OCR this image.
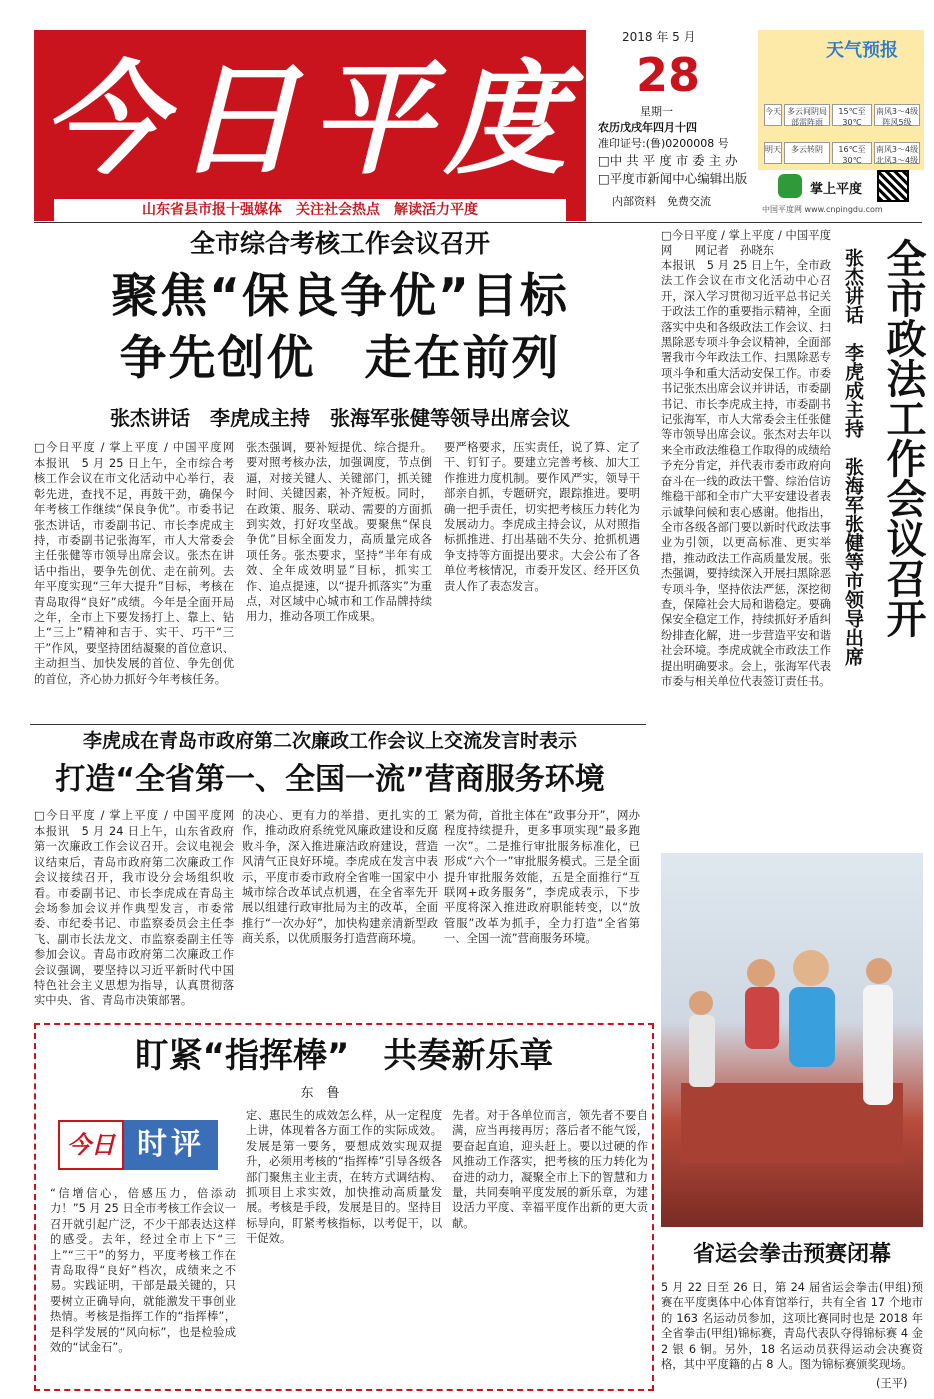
今日平度
山东省县市报十强媒体　关注社会热点　解读活力平度
2018 年 5 月
28
星期一
农历戊戌年四月十四
准印证号:(鲁)0200008 号
□中 共 平 度 市 委 主 办
□平度市新闻中心编辑出版
内部资料　免费交流
天气预报
今天 多云间阴局部雷阵雨
15℃至 30℃
南风3～4级阵风5级
明天	多云转阴	16℃至 30℃
南风3～4级 北风3～4级
掌上平度
中国平度网 www.cnpingdu.com
全市综合考核工作会议召开
聚焦“保良争优”目标
争先创优　走在前列
张杰讲话　李虎成主持　张海军张健等领导出席会议
□今日平度 / 掌上平度 / 中国平度网　　　
本报讯　5 月 25 日上午，全市综合考核工作会议在市文化活动中心举行，表彰先进，查找不足，再鼓干劲，确保今年考核工作继续“保良争优”。市委书记张杰讲话，市委副书记、市长李虎成主持，市委副书记张海军，市人大常委会主任张健等市领导出席会议。张杰在讲话中指出，要争先创优、走在前列。去年平度实现“三年大提升”目标，考核在青岛取得“良好”成绩。今年是全面开局之年，全市上下要发扬打上、靠上、钻上“三上”精神和吉于、实干、巧干“三干”作风，要坚持团结凝聚的首位意识、主动担当、加快发展的首位、争先创优的首位，齐心协力抓好今年考核任务。
张杰强调，要补短提优、综合提升。要对照考核办法，加强调度，节点倒逼，对接关键人、关键部门，抓关键时间、关键因素，补齐短板。同时，在政策、服务、联动、需要的方面抓到实效，打好攻坚战。要聚焦“保良争优”目标全面发力，高质量完成各项任务。张杰要求，坚持“半年有成效、全年成效明显”目标，抓实工作、追点提速，以“提升抓落实”为重点，对区域中心城市和工作品牌持续用力，推动各项工作成果。
要严格要求，压实责任，说了算、定了干、钉钉子。要建立完善考核、加大工作推进力度机制。要作风严实，领导干部亲自抓，专题研究，跟踪推进。要明确一把手责任，切实把考核压力转化为发展动力。李虎成主持会议，从对照指标抓推进、打出基础不失分、抢抓机遇争支持等方面提出要求。大会公布了各单位考核情况，市委开发区、经开区负责人作了表态发言。
李虎成在青岛市政府第二次廉政工作会议上交流发言时表示
打造“全省第一、全国一流”营商服务环境
□今日平度 / 掌上平度 / 中国平度网　　　
本报讯　5 月 24 日上午，山东省政府第一次廉政工作会议召开。会议电视会议结束后，青岛市政府第二次廉政工作会议接续召开，我市设分会场组织收看。市委副书记、市长李虎成在青岛主会场参加会议并作典型发言，市委常委、市纪委书记、市监察委员会主任李飞、副市长法龙文、市监察委副主任等参加会议。青岛市政府第二次廉政工作会议强调，要坚持以习近平新时代中国特色社会主义思想为指导，认真贯彻落实中央、省、青岛市决策部署。
的决心、更有力的举措、更扎实的工作，推动政府系统党风廉政建设和反腐败斗争，深入推进廉洁政府建设，营造风清气正良好环境。李虎成在发言中表示，平度市委市政府全省唯一国家中小城市综合改革试点机遇，在全省率先开展以组建行政审批局为主的改革，全面推行“一次办好”，加快构建亲清新型政商关系，以优质服务打造营商环境。
紧为荷，首批主体在“政事分开”，网办程度持续提升，更多事项实现“最多跑一次”。二是推行审批服务标准化，已形成“六个一”审批服务模式。三是全面提升审批服务效能，五是全面推行“互联网+政务服务”，李虎成表示，下步平度将深入推进政府职能转变，以“放管服”改革为抓手，全力打造“全省第一、全国一流”营商服务环境。
□今日平度 / 掌上平度 / 中国平度网　　网记者　孙晓东
本报讯　5 月 25 日上午，全市政法工作会议在市文化活动中心召开，深入学习贯彻习近平总书记关于政法工作的重要指示精神，全面落实中央和各级政法工作会议、扫黑除恶专项斗争会议精神，全面部署我市今年政法工作、扫黑除恶专项斗争和重大活动安保工作。市委书记张杰出席会议并讲话，市委副书记、市长李虎成主持，市委副书记张海军，市人大常委会主任张健等市领导出席会议。张杰对去年以来全市政法维稳工作取得的成绩给予充分肯定，并代表市委市政府向奋斗在一线的政法干警、综治信访维稳干部和全市广大平安建设者表示诚挚问候和衷心感谢。他指出，全市各级各部门要以新时代政法事业为引领，以更高标准、更实举措，推动政法工作高质量发展。张杰强调，要持续深入开展扫黑除恶专项斗争，坚持依法严惩，深挖彻查，保障社会大局和谐稳定。要确保安全稳定工作，持续抓好矛盾纠纷排查化解，进一步营造平安和谐社会环境。李虎成就全市政法工作提出明确要求。会上，张海军代表市委与相关单位代表签订责任书。
全市政法工作会议召开
张杰讲话　李虎成主持　张海军张健等市领导出席
盯紧“指挥棒”　共奏新乐章
东　鲁
今日 时评
“信增信心，倍感压力，倍添动力！”5 月 25 日全市考核工作会议一召开就引起广泛，不少干部表达这样的感受。去年，经过全市上下“三上”“三干”的努力，平度考核工作在青岛取得“良好”档次，成绩来之不易。实践证明，干部是最关键的，只要树立正确导向，就能激发干事创业热情。考核是指挥工作的“指挥棒”，是科学发展的“风向标”，也是检验成效的“试金石”。
定、惠民生的成效怎么样，从一定程度上讲，体现着各方面工作的实际成效。发展是第一要务，要想成效实现双提升，必须用考核的“指挥棒”引导各级各部门聚焦主业主责，在转方式调结构、抓项目上求实效，加快推动高质量发展。考核是手段，发展是目的。坚持目标导向，盯紧考核指标，以考促干，以干促效。
先者。对于各单位而言，领先者不要自满，应当再接再厉；落后者不能气馁，要奋起直追，迎头赶上。要以过硬的作风推动工作落实，把考核的压力转化为奋进的动力，凝聚全市上下的智慧和力量，共同奏响平度发展的新乐章，为建设活力平度、幸福平度作出新的更大贡献。
省运会拳击预赛闭幕
5 月 22 日至 26 日，第 24 届省运会拳击(甲组)预赛在平度奥体中心体育馆举行，共有全省 17 个地市的 163 名运动员参加，这项比赛同时也是 2018 年全省拳击(甲组)锦标赛，青岛代表队夺得锦标赛 4 金 2 银 6 铜。另外，18 名运动员获得运动会决赛资格，其中平度籍的占 8 人。图为锦标赛颁奖现场。
(王平)
